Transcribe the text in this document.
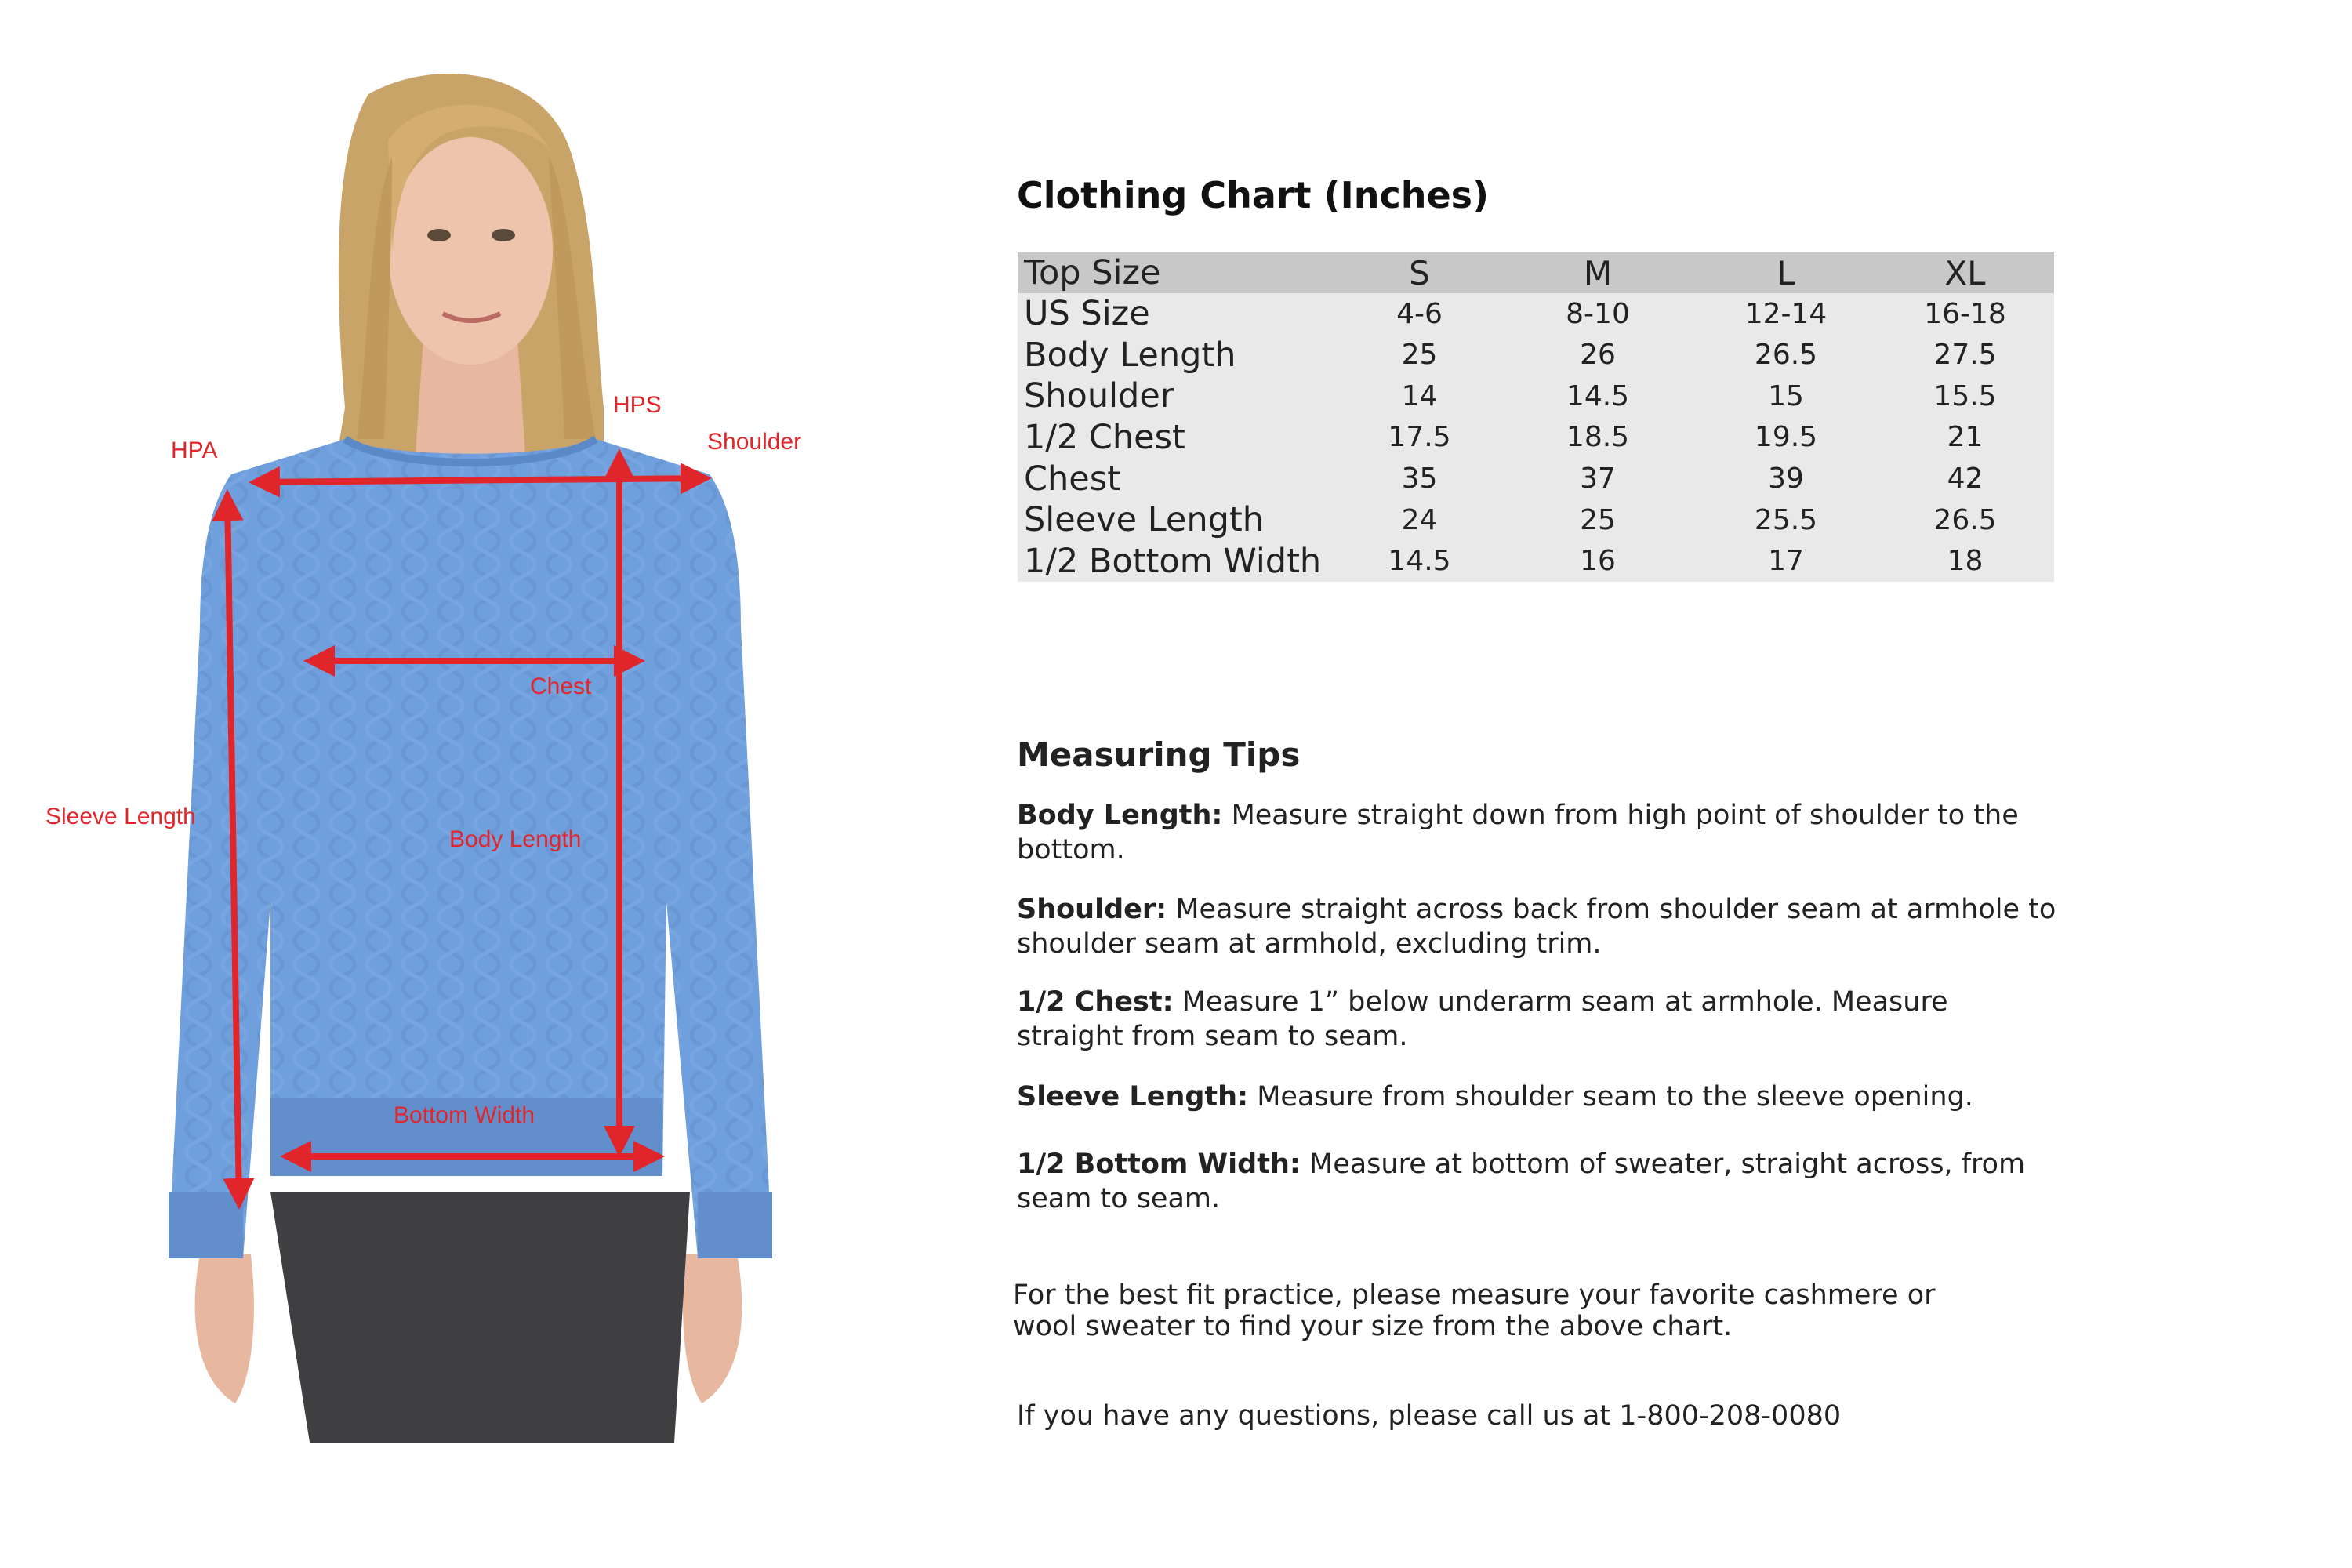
HPA
HPS
Shoulder
Chest
Sleeve Length
Body Length
Bottom Width
Clothing Chart (Inches)
Top Size	S	M	L	XL
US Size	4-6	8-10	12-14	16-18
Body Length	25	26	26.5	27.5
Shoulder	14	14.5	15	15.5
1/2 Chest	17.5	18.5	19.5	21
Chest	35	37	39	42
Sleeve Length	24	25	25.5	26.5
1/2 Bottom Width	14.5	16	17	18
Measuring Tips

Body Length: Measure straight down from high point of shoulder to the bottom.

Shoulder: Measure straight across back from shoulder seam at armhole to shoulder seam at armhold, excluding trim.

1/2 Chest: Measure 1” below underarm seam at armhole. Measure straight from seam to seam.

Sleeve Length: Measure from shoulder seam to the sleeve opening.

1/2 Bottom Width: Measure at bottom of sweater, straight across, from seam to seam.

For the best fit practice, please measure your favorite cashmere or wool sweater to find your size from the above chart.

If you have any questions, please call us at 1-800-208-0080
